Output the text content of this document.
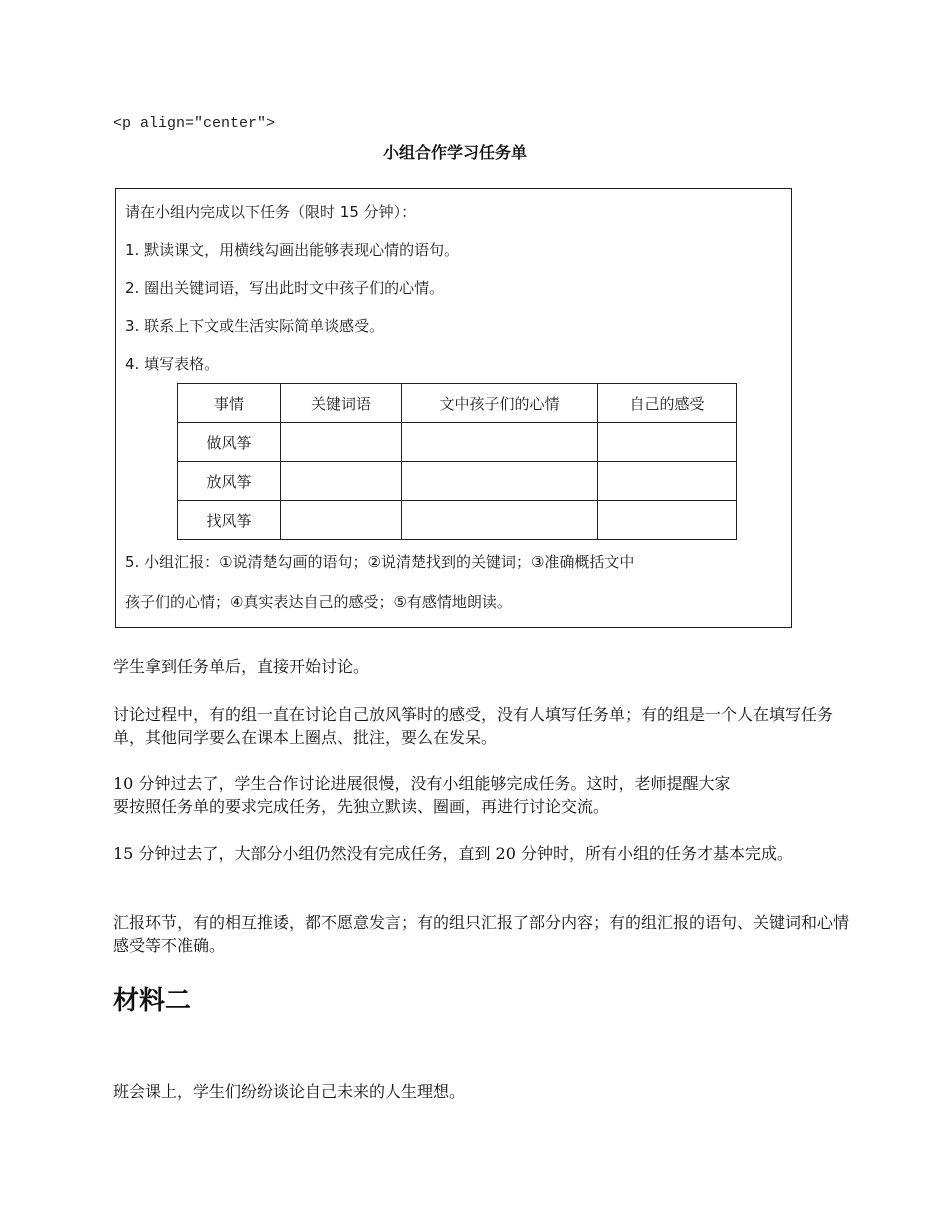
<p align="center">
小组合作学习任务单
请在小组内完成以下任务（限时 15 分钟）：
1. 默读课文，用横线勾画出能够表现心情的语句。
2. 圈出关键词语，写出此时文中孩子们的心情。
3. 联系上下文或生活实际简单谈感受。
4. 填写表格。
事情	关键词语	文中孩子们的心情	自己的感受
做风筝			
放风筝			
找风筝			
5. 小组汇报：①说清楚勾画的语句；②说清楚找到的关键词；③准确概括文中
孩子们的心情；④真实表达自己的感受；⑤有感情地朗读。

学生拿到任务单后，直接开始讨论。

讨论过程中，有的组一直在讨论自己放风筝时的感受，没有人填写任务单；有的组是一个人在填写任务单，其他同学要么在课本上圈点、批注，要么在发呆。

10 分钟过去了，学生合作讨论进展很慢，没有小组能够完成任务。这时，老师提醒大家

要按照任务单的要求完成任务，先独立默读、圈画，再进行讨论交流。

15 分钟过去了，大部分小组仍然没有完成任务，直到 20 分钟时，所有小组的任务才基本完成。

汇报环节，有的相互推诿，都不愿意发言；有的组只汇报了部分内容；有的组汇报的语句、关键词和心情感受等不准确。

材料二

班会课上，学生们纷纷谈论自己未来的人生理想。
